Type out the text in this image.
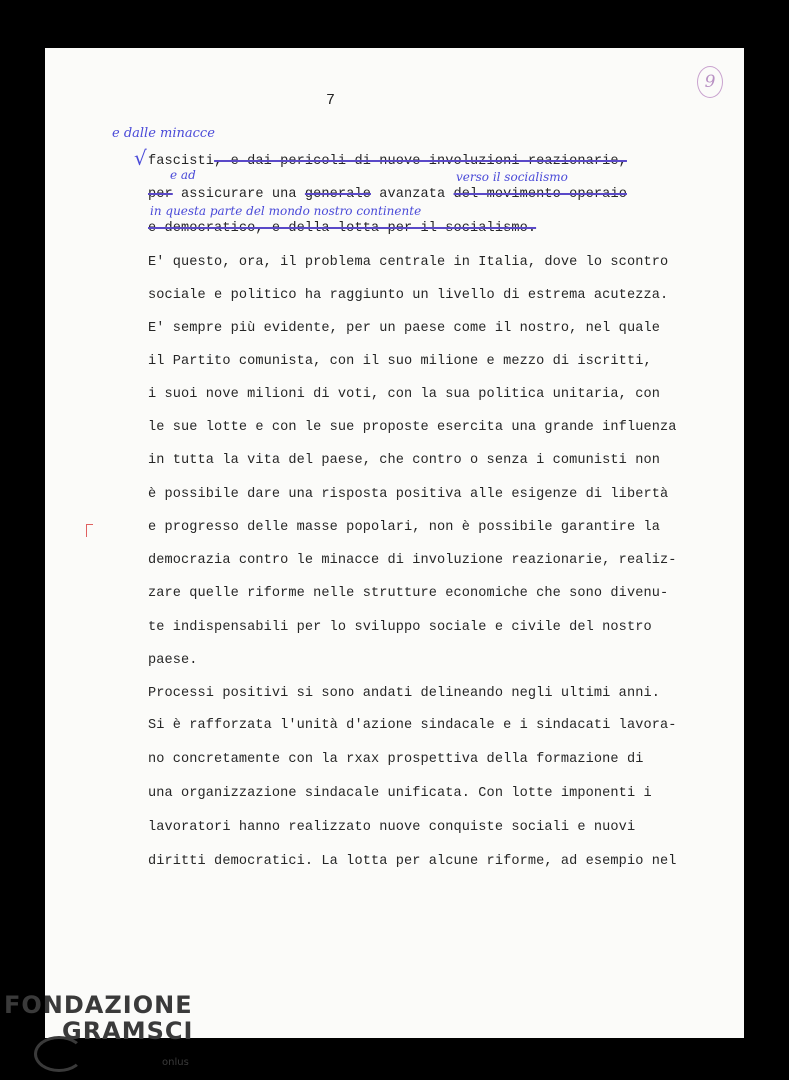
7
9
e dalle minacce
√ fascisti, e dai pericoli di nuove involuzioni reazionarie,
e ad	verso il socialismo
per assicurare una generale avanzata del movimento operaio
in questa parte del mondo nostro continente
e democratico, e della lotta per il socialismo.
E' questo, ora, il problema centrale in Italia, dove lo scontro
sociale e politico ha raggiunto un livello di estrema acutezza.
E' sempre più evidente, per un paese come il nostro, nel quale
il Partito comunista, con il suo milione e mezzo di iscritti,
i suoi nove milioni di voti, con la sua politica unitaria, con
le sue lotte e con le sue proposte esercita una grande influenza
in tutta la vita del paese, che contro o senza i comunisti non
è possibile dare una risposta positiva alle esigenze di libertà
e progresso delle masse popolari, non è possibile garantire la
democrazia contro le minacce di involuzione reazionarie, realiz-
zare quelle riforme nelle strutture economiche che sono divenu-
te indispensabili per lo sviluppo sociale e civile del nostro
paese.
Processi positivi si sono andati delineando negli ultimi anni.
Si è rafforzata l'unità d'azione sindacale e i sindacati lavora-
no concretamente con la rxax prospettiva della formazione di
una organizzazione sindacale unificata. Con lotte imponenti i
lavoratori hanno realizzato nuove conquiste sociali e nuovi
diritti democratici. La lotta per alcune riforme, ad esempio nel
FONDAZIONE
GRAMSCI
onlus
